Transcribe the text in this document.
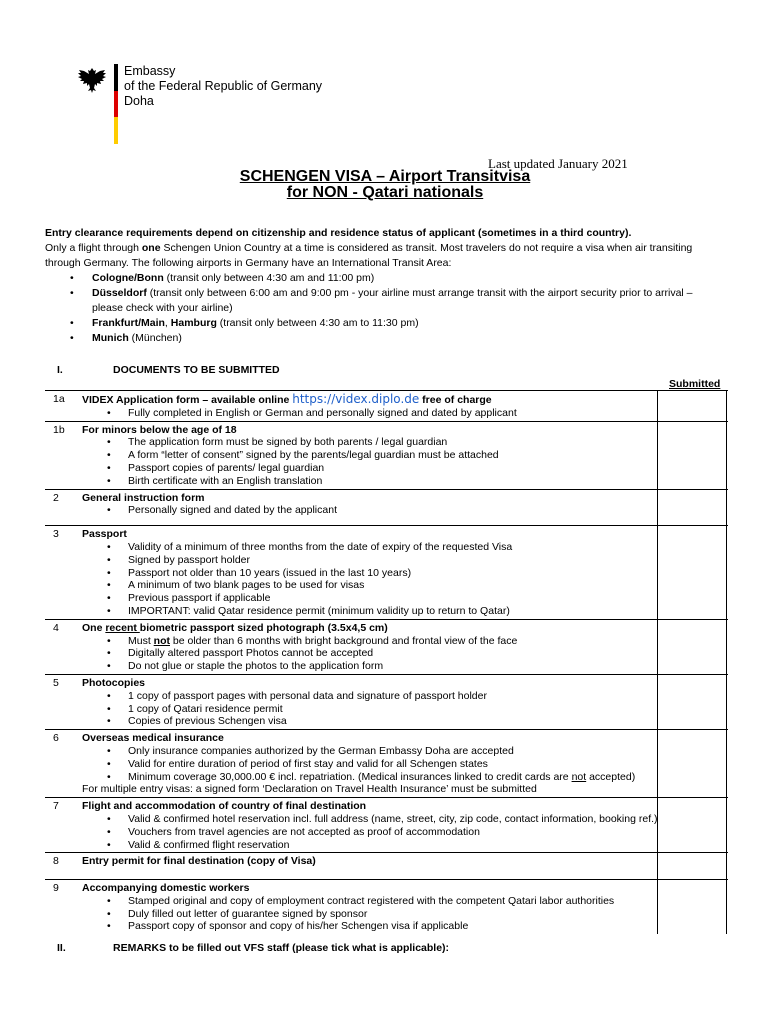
Embassy
of the Federal Republic of Germany
Doha
Last updated January 2021
SCHENGEN VISA – Airport Transitvisa
for NON - Qatari nationals
Entry clearance requirements depend on citizenship and residence status of applicant (sometimes in a third country).
Only a flight through one Schengen Union Country at a time is considered as transit. Most travelers do not require a visa when air transiting through Germany. The following airports in Germany have an International Transit Area:
• Cologne/Bonn (transit only between 4:30 am and 11:00 pm)
• Düsseldorf (transit only between 6:00 am and 9:00 pm - your airline must arrange transit with the airport security prior to arrival – please check with your airline)
• Frankfurt/Main, Hamburg (transit only between 4:30 am to 11:30 pm)
• Munich (München)
I.	DOCUMENTS TO BE SUBMITTED
Submitted
1a VIDEX Application form – available online https://videx.diplo.de free of charge
• Fully completed in English or German and personally signed and dated by applicant
1b For minors below the age of 18
• The application form must be signed by both parents / legal guardian
• A form “letter of consent” signed by the parents/legal guardian must be attached
• Passport copies of parents/ legal guardian
• Birth certificate with an English translation
2 General instruction form
• Personally signed and dated by the applicant
3 Passport
• Validity of a minimum of three months from the date of expiry of the requested Visa
• Signed by passport holder
• Passport not older than 10 years (issued in the last 10 years)
• A minimum of two blank pages to be used for visas
• Previous passport if applicable
• IMPORTANT: valid Qatar residence permit (minimum validity up to return to Qatar)
4 One recent biometric passport sized photograph (3.5x4,5 cm)
• Must not be older than 6 months with bright background and frontal view of the face
• Digitally altered passport Photos cannot be accepted
• Do not glue or staple the photos to the application form
5 Photocopies
• 1 copy of passport pages with personal data and signature of passport holder
• 1 copy of Qatari residence permit
• Copies of previous Schengen visa
6 Overseas medical insurance
• Only insurance companies authorized by the German Embassy Doha are accepted
• Valid for entire duration of period of first stay and valid for all Schengen states
• Minimum coverage 30,000.00 € incl. repatriation. (Medical insurances linked to credit cards are not accepted)
For multiple entry visas: a signed form ‘Declaration on Travel Health Insurance’ must be submitted
7 Flight and accommodation of country of final destination
• Valid & confirmed hotel reservation incl. full address (name, street, city, zip code, contact information, booking ref.)
• Vouchers from travel agencies are not accepted as proof of accommodation
• Valid & confirmed flight reservation
8 Entry permit for final destination (copy of Visa)
9 Accompanying domestic workers
• Stamped original and copy of employment contract registered with the competent Qatari labor authorities
• Duly filled out letter of guarantee signed by sponsor
• Passport copy of sponsor and copy of his/her Schengen visa if applicable
II.	REMARKS to be filled out VFS staff (please tick what is applicable):
